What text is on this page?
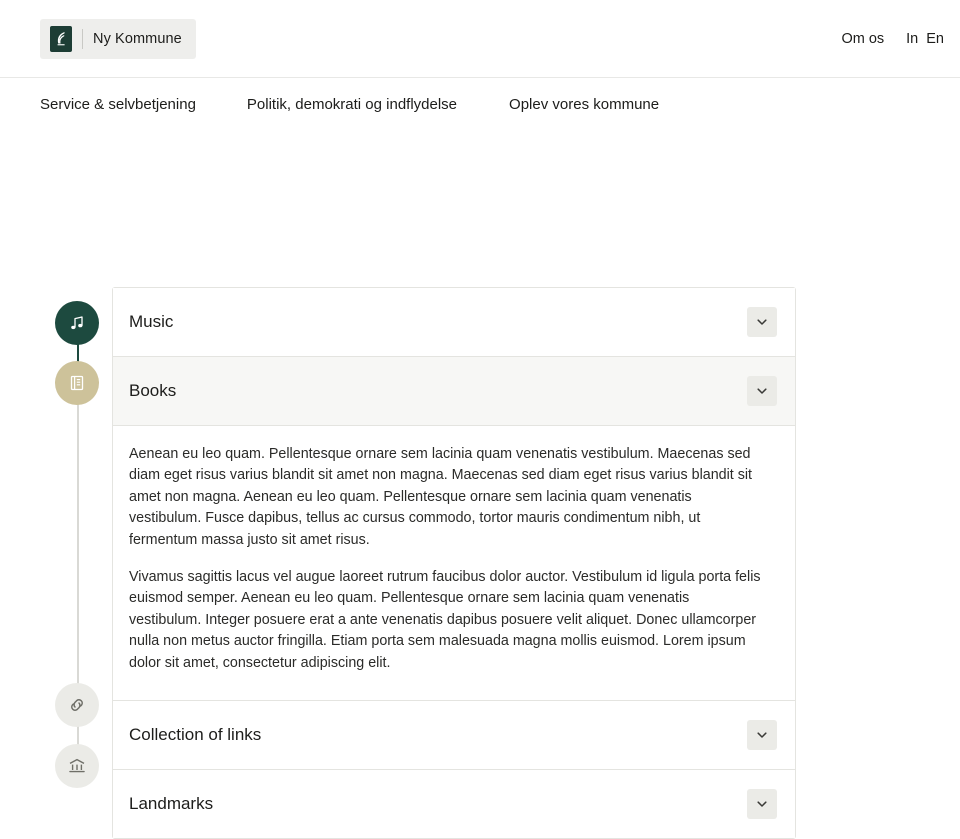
Ny Kommune	Om os In En
Service & selvbetjening	Politik, demokrati og indflydelse	Oplev vores kommune
Music
Books

Aenean eu leo quam. Pellentesque ornare sem lacinia quam venenatis vestibulum. Maecenas sed diam eget risus varius blandit sit amet non magna. Maecenas sed diam eget risus varius blandit sit amet non magna. Aenean eu leo quam. Pellentesque ornare sem lacinia quam venenatis vestibulum. Fusce dapibus, tellus ac cursus commodo, tortor mauris condimentum nibh, ut fermentum massa justo sit amet risus.

Vivamus sagittis lacus vel augue laoreet rutrum faucibus dolor auctor. Vestibulum id ligula porta felis euismod semper. Aenean eu leo quam. Pellentesque ornare sem lacinia quam venenatis vestibulum. Integer posuere erat a ante venenatis dapibus posuere velit aliquet. Donec ullamcorper nulla non metus auctor fringilla. Etiam porta sem malesuada magna mollis euismod. Lorem ipsum dolor sit amet, consectetur adipiscing elit.

Collection of links
Landmarks
